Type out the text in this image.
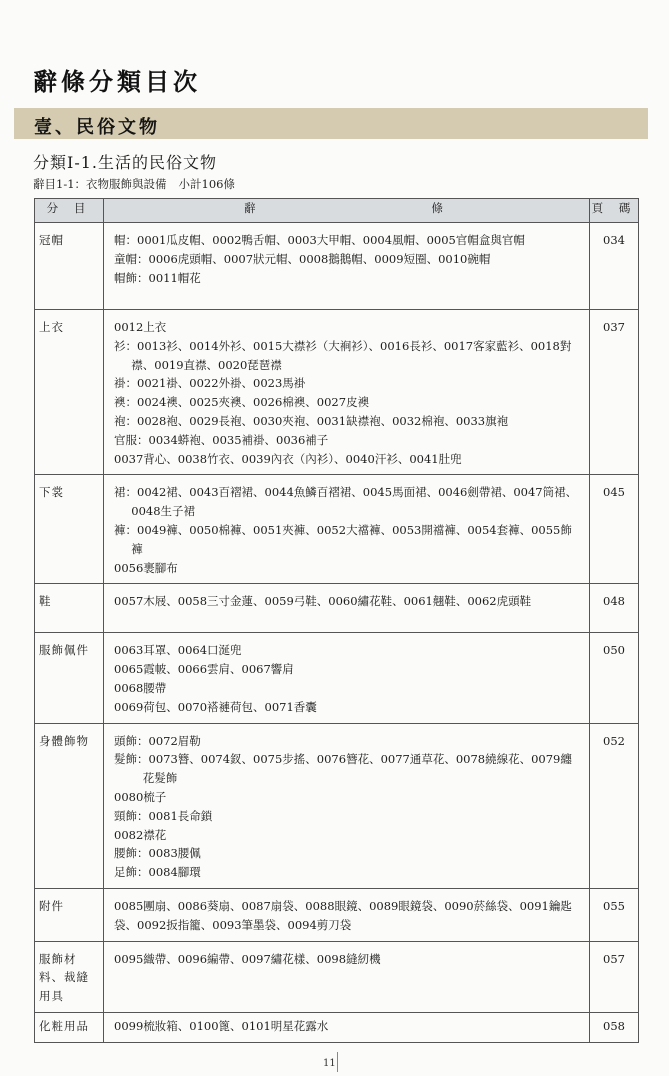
辭條分類目次
壹、民俗文物
分類Ⅰ-1.生活的民俗文物
辭目1-1：衣物服飾與設備 小計106條
分 目	辭 條	頁 碼
冠帽	帽：0001瓜皮帽、0002鴨舌帽、0003大甲帽、0004風帽、0005官帽盒與官帽
童帽：0006虎頭帽、0007狀元帽、0008鵝鵝帽、0009短圈、0010碗帽
帽飾：0011帽花	034
上衣	0012上衣
衫：0013衫、0014外衫、0015大襟衫（大裥衫）、0016長衫、0017客家藍衫、0018對襟、0019直襟、0020琵琶襟
褂：0021褂、0022外褂、0023馬褂
襖：0024襖、0025夾襖、0026棉襖、0027皮襖
袍：0028袍、0029長袍、0030夾袍、0031缺襟袍、0032棉袍、0033旗袍
官服：0034蟒袍、0035補褂、0036補子
0037背心、0038竹衣、0039內衣（內衫）、0040汗衫、0041肚兜
	037
下裳	裙：0042裙、0043百褶裙、0044魚鱗百褶裙、0045馬面裙、0046劍帶裙、0047筒裙、0048生子裙
褲：0049褲、0050棉褲、0051夾褲、0052大襠褲、0053開襠褲、0054套褲、0055飾褲
0056裹腳布	045
鞋	0057木屐、0058三寸金蓮、0059弓鞋、0060繡花鞋、0061翹鞋、0062虎頭鞋	048
服飾佩件	0063耳罩、0064口涎兜
0065霞帔、0066雲肩、0067響肩
0068腰帶
0069荷包、0070褡褳荷包、0071香囊	050
身體飾物	頭飾：0072眉勒
髮飾：0073簪、0074釵、0075步搖、0076簪花、0077通草花、0078繞線花、0079纏花髮飾
0080梳子
頸飾：0081長命鎖
0082襟花
腰飾：0083腰佩
足飾：0084腳環
	052
附件	0085團扇、0086葵扇、0087扇袋、0088眼鏡、0089眼鏡袋、0090菸絲袋、0091鑰匙袋、0092扳指籠、0093筆墨袋、0094剪刀袋	055
服飾材料、裁縫用具	0095織帶、0096編帶、0097繡花樣、0098縫紉機	057
化粧用品	0099梳妝箱、0100篦、0101明星花露水	058
11
